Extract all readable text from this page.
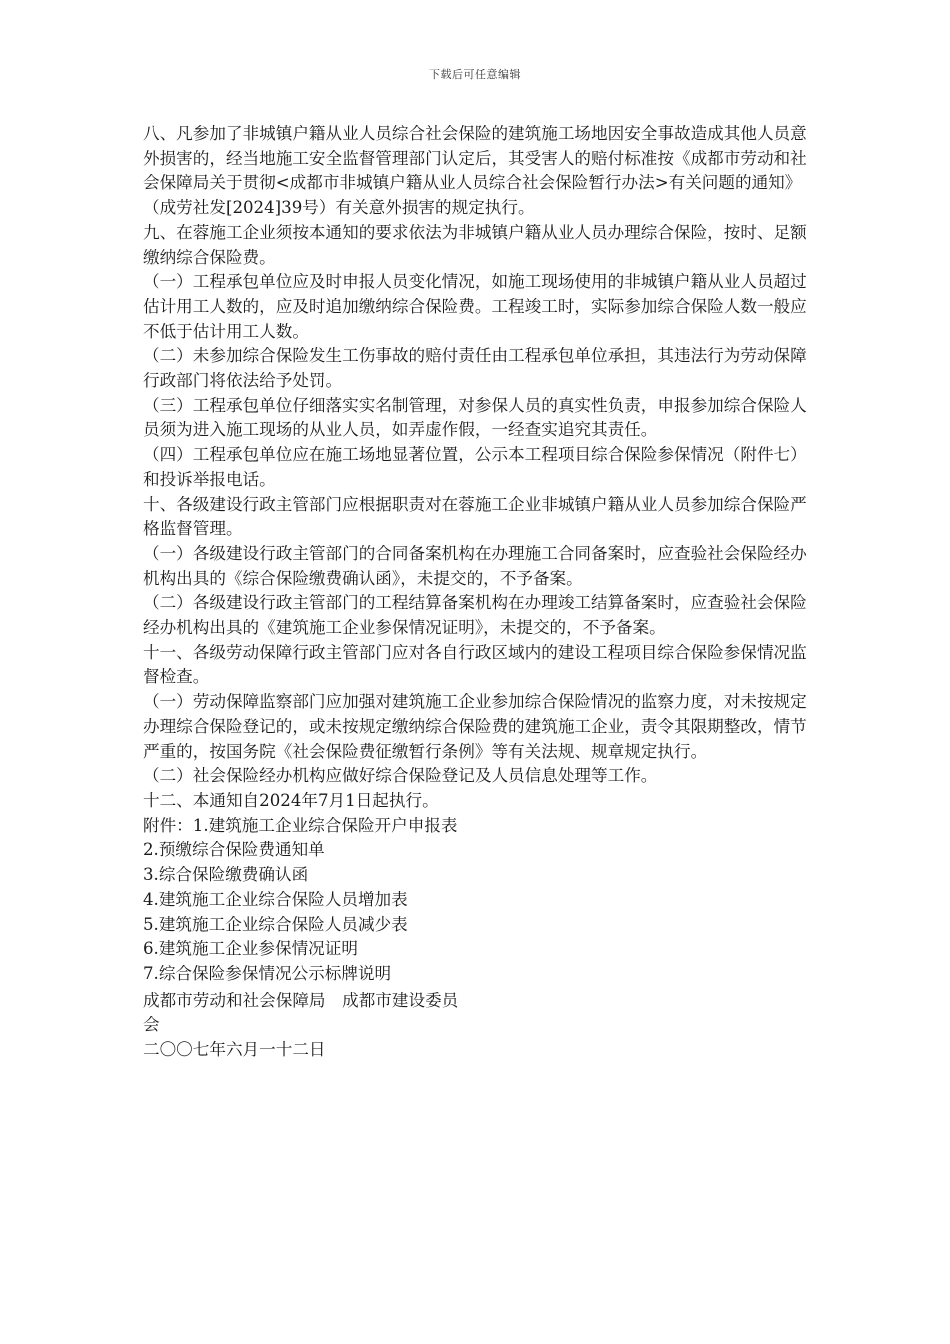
下载后可任意编辑

八、凡参加了非城镇户籍从业人员综合社会保险的建筑施工场地因安全事故造成其他人员意外损害的，经当地施工安全监督管理部门认定后，其受害人的赔付标准按《成都市劳动和社会保障局关于贯彻<成都市非城镇户籍从业人员综合社会保险暂行办法>有关问题的通知》（成劳社发[2024]39号）有关意外损害的规定执行。

九、在蓉施工企业须按本通知的要求依法为非城镇户籍从业人员办理综合保险，按时、足额缴纳综合保险费。

（一）工程承包单位应及时申报人员变化情况，如施工现场使用的非城镇户籍从业人员超过估计用工人数的，应及时追加缴纳综合保险费。工程竣工时，实际参加综合保险人数一般应不低于估计用工人数。

（二）未参加综合保险发生工伤事故的赔付责任由工程承包单位承担，其违法行为劳动保障行政部门将依法给予处罚。

（三）工程承包单位仔细落实实名制管理，对参保人员的真实性负责，申报参加综合保险人员须为进入施工现场的从业人员，如弄虚作假，一经查实追究其责任。

（四）工程承包单位应在施工场地显著位置，公示本工程项目综合保险参保情况（附件七）和投诉举报电话。

十、各级建设行政主管部门应根据职责对在蓉施工企业非城镇户籍从业人员参加综合保险严格监督管理。

（一）各级建设行政主管部门的合同备案机构在办理施工合同备案时，应查验社会保险经办机构出具的《综合保险缴费确认函》，未提交的，不予备案。

（二）各级建设行政主管部门的工程结算备案机构在办理竣工结算备案时，应查验社会保险经办机构出具的《建筑施工企业参保情况证明》，未提交的，不予备案。

十一、各级劳动保障行政主管部门应对各自行政区域内的建设工程项目综合保险参保情况监督检查。

（一）劳动保障监察部门应加强对建筑施工企业参加综合保险情况的监察力度，对未按规定办理综合保险登记的，或未按规定缴纳综合保险费的建筑施工企业，责令其限期整改，情节严重的，按国务院《社会保险费征缴暂行条例》等有关法规、规章规定执行。

（二）社会保险经办机构应做好综合保险登记及人员信息处理等工作。

十二、本通知自2024年7月1日起执行。

附件：1.建筑施工企业综合保险开户申报表

2.预缴综合保险费通知单

3.综合保险缴费确认函

4.建筑施工企业综合保险人员增加表

5.建筑施工企业综合保险人员减少表

6.建筑施工企业参保情况证明

7.综合保险参保情况公示标牌说明

成都市劳动和社会保障局　成都市建设委员

会

二〇〇七年六月一十二日
